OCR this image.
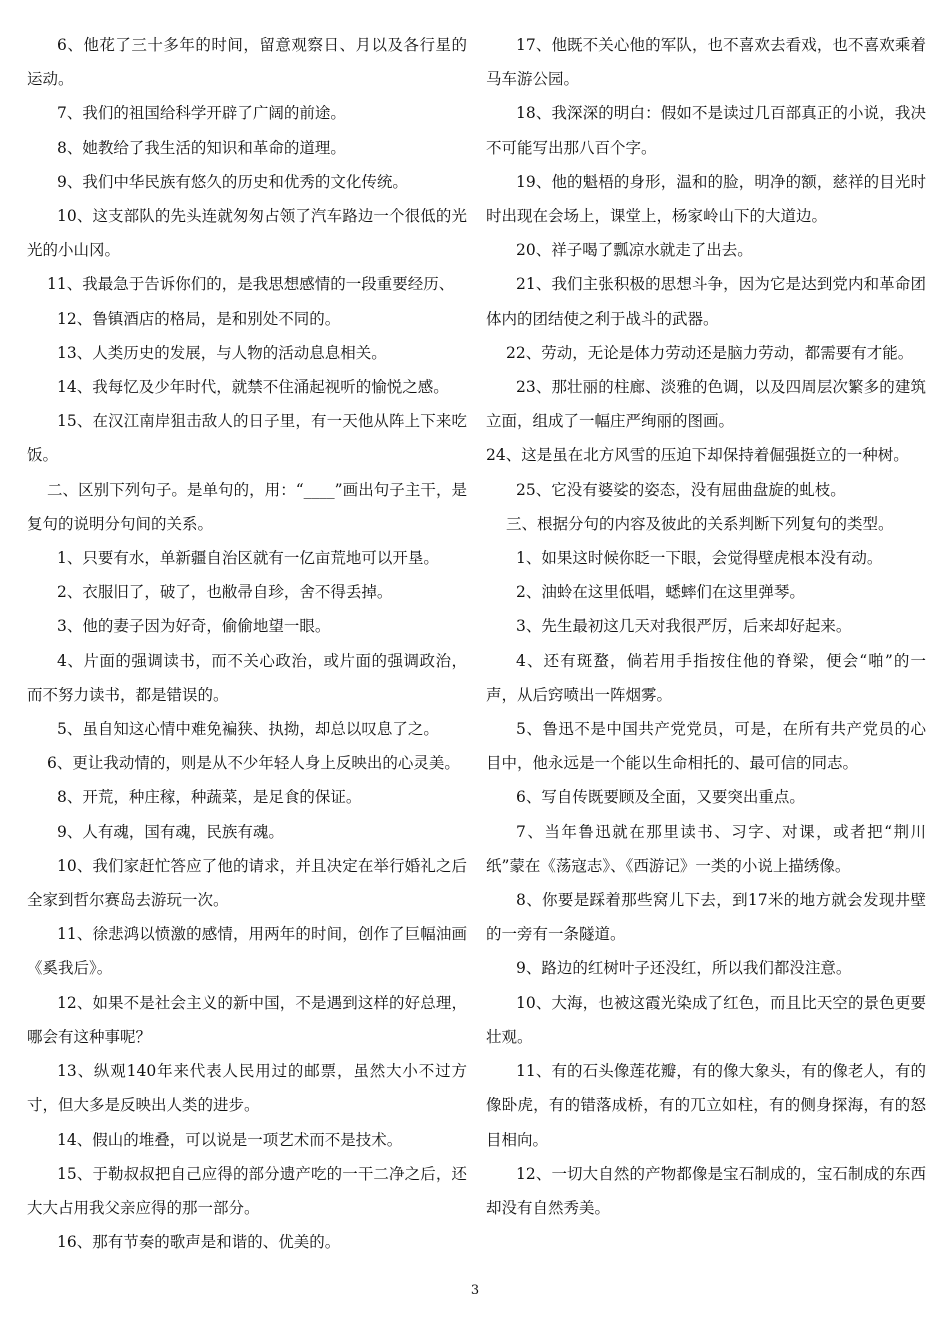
6、他花了三十多年的时间，留意观察日、月以及各行星的运动。
7、我们的祖国给科学开辟了广阔的前途。
8、她教给了我生活的知识和革命的道理。
9、我们中华民族有悠久的历史和优秀的文化传统。
10、这支部队的先头连就匆匆占领了汽车路边一个很低的光光的小山冈。
11、我最急于告诉你们的，是我思想感情的一段重要经历、
12、鲁镇酒店的格局，是和别处不同的。
13、人类历史的发展，与人物的活动息息相关。
14、我每忆及少年时代，就禁不住涌起视听的愉悦之感。
15、在汉江南岸狙击敌人的日子里，有一天他从阵上下来吃饭。
二、区别下列句子。是单句的，用：“____”画出句子主干，是复句的说明分句间的关系。
1、只要有水，单新疆自治区就有一亿亩荒地可以开垦。
2、衣服旧了，破了，也敝帚自珍，舍不得丢掉。
3、他的妻子因为好奇，偷偷地望一眼。
4、片面的强调读书，而不关心政治，或片面的强调政治，而不努力读书，都是错误的。
5、虽自知这心情中难免褊狭、执拗，却总以叹息了之。
6、更让我动情的，则是从不少年轻人身上反映出的心灵美。
8、开荒，种庄稼，种蔬菜，是足食的保证。
9、人有魂，国有魂，民族有魂。
10、我们家赶忙答应了他的请求，并且决定在举行婚礼之后全家到哲尔赛岛去游玩一次。
11、徐悲鸿以愤激的感情，用两年的时间，创作了巨幅油画《奚我后》。
12、如果不是社会主义的新中国，不是遇到这样的好总理，哪会有这种事呢？
13、纵观140年来代表人民用过的邮票，虽然大小不过方寸，但大多是反映出人类的进步。
14、假山的堆叠，可以说是一项艺术而不是技术。
15、于勒叔叔把自己应得的部分遗产吃的一干二净之后，还大大占用我父亲应得的那一部分。
16、那有节奏的歌声是和谐的、优美的。
17、他既不关心他的军队，也不喜欢去看戏，也不喜欢乘着马车游公园。
18、我深深的明白：假如不是读过几百部真正的小说，我决不可能写出那八百个字。
19、他的魁梧的身形，温和的脸，明净的额，慈祥的目光时时出现在会场上，课堂上，杨家岭山下的大道边。
20、祥子喝了瓢凉水就走了出去。
21、我们主张积极的思想斗争，因为它是达到党内和革命团体内的团结使之利于战斗的武器。
22、劳动，无论是体力劳动还是脑力劳动，都需要有才能。
23、那壮丽的柱廊、淡雅的色调，以及四周层次繁多的建筑立面，组成了一幅庄严绚丽的图画。
24、这是虽在北方风雪的压迫下却保持着倔强挺立的一种树。
25、它没有婆娑的姿态，没有屈曲盘旋的虬枝。
三、根据分句的内容及彼此的关系判断下列复句的类型。
1、如果这时候你眨一下眼，会觉得壁虎根本没有动。
2、油蛉在这里低唱，蟋蟀们在这里弹琴。
3、先生最初这几天对我很严厉，后来却好起来。
4、还有斑蝥，倘若用手指按住他的脊梁，便会“啪”的一声，从后窍喷出一阵烟雾。
5、鲁迅不是中国共产党党员，可是，在所有共产党员的心目中，他永远是一个能以生命相托的、最可信的同志。
6、写自传既要顾及全面，又要突出重点。
7、当年鲁迅就在那里读书、习字、对课，或者把“荆川纸”蒙在《荡寇志》、《西游记》一类的小说上描绣像。
8、你要是踩着那些窝儿下去，到17米的地方就会发现井壁的一旁有一条隧道。
9、路边的红树叶子还没红，所以我们都没注意。
10、大海，也被这霞光染成了红色，而且比天空的景色更要壮观。
11、有的石头像莲花瓣，有的像大象头，有的像老人，有的像卧虎，有的错落成桥，有的兀立如柱，有的侧身探海，有的怒目相向。
12、一切大自然的产物都像是宝石制成的，宝石制成的东西却没有自然秀美。
3
